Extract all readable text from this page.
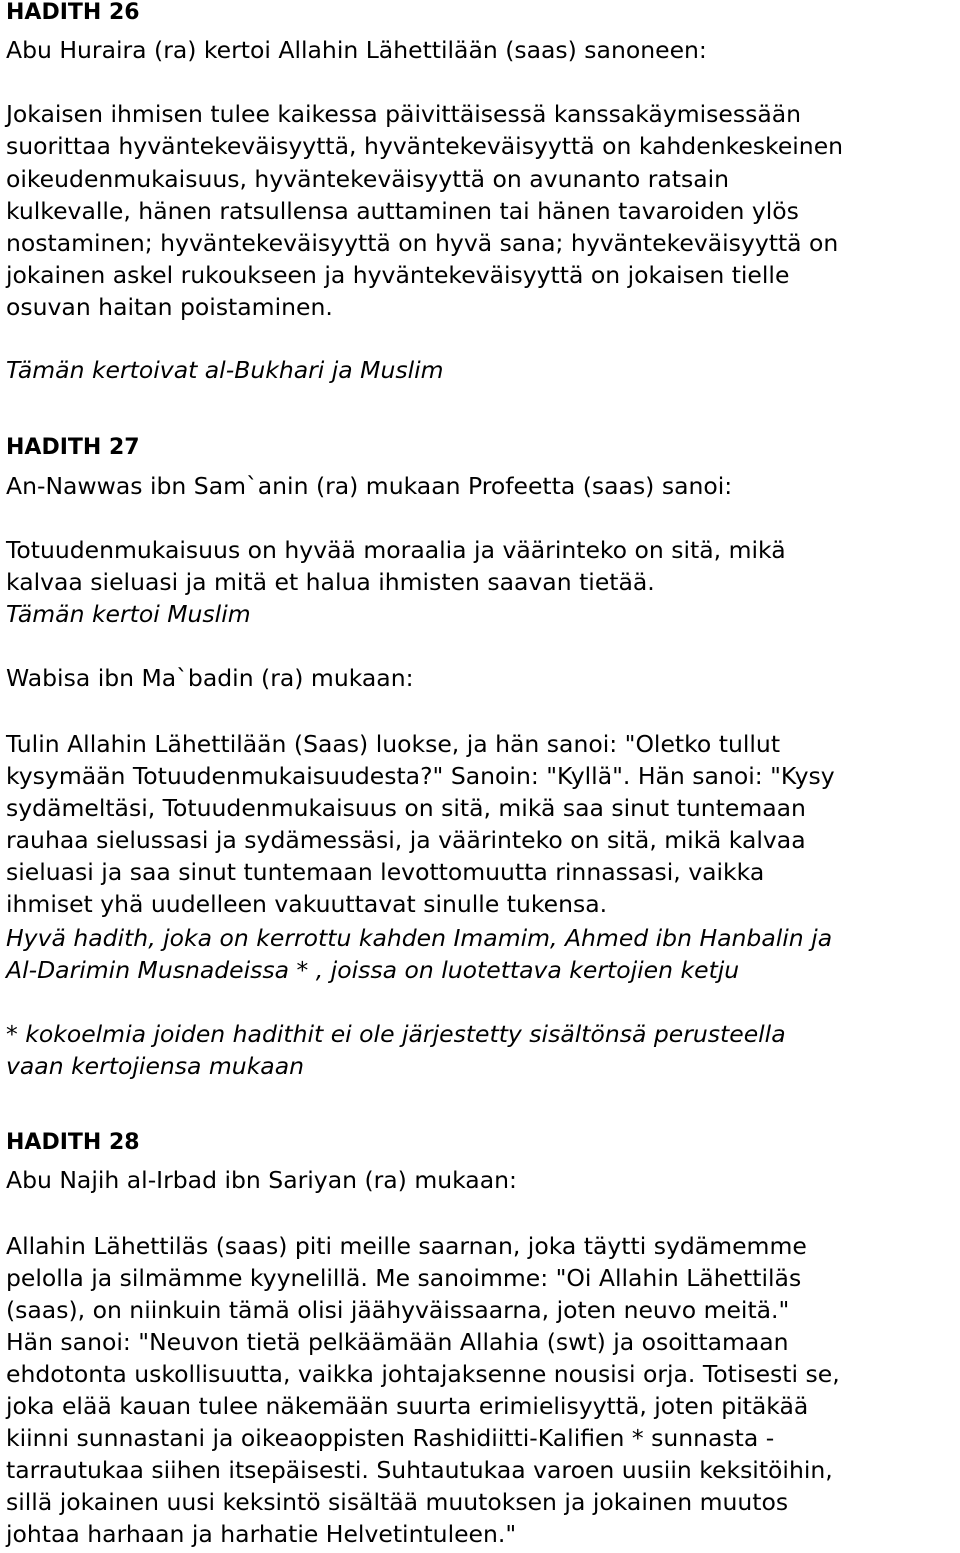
HADITH 26
Abu Huraira (ra) kertoi Allahin Lähettilään (saas) sanoneen:
Jokaisen ihmisen tulee kaikessa päivittäisessä kanssakäymisessään
suorittaa hyväntekeväisyyttä, hyväntekeväisyyttä on kahdenkeskeinen
oikeudenmukaisuus, hyväntekeväisyyttä on avunanto ratsain
kulkevalle, hänen ratsullensa auttaminen tai hänen tavaroiden ylös
nostaminen; hyväntekeväisyyttä on hyvä sana; hyväntekeväisyyttä on
jokainen askel rukoukseen ja hyväntekeväisyyttä on jokaisen tielle
osuvan haitan poistaminen.
Tämän kertoivat al-Bukhari ja Muslim
HADITH 27
An-Nawwas ibn Sam`anin (ra) mukaan Profeetta (saas) sanoi:
Totuudenmukaisuus on hyvää moraalia ja väärinteko on sitä, mikä
kalvaa sieluasi ja mitä et halua ihmisten saavan tietää.
Tämän kertoi Muslim
Wabisa ibn Ma`badin (ra) mukaan:
Tulin Allahin Lähettilään (Saas) luokse, ja hän sanoi: "Oletko tullut
kysymään Totuudenmukaisuudesta?" Sanoin: "Kyllä". Hän sanoi: "Kysy
sydämeltäsi, Totuudenmukaisuus on sitä, mikä saa sinut tuntemaan
rauhaa sielussasi ja sydämessäsi, ja väärinteko on sitä, mikä kalvaa
sieluasi ja saa sinut tuntemaan levottomuutta rinnassasi, vaikka
ihmiset yhä uudelleen vakuuttavat sinulle tukensa.
Hyvä hadith, joka on kerrottu kahden Imamim, Ahmed ibn Hanbalin ja
Al-Darimin Musnadeissa * , joissa on luotettava kertojien ketju
* kokoelmia joiden hadithit ei ole järjestetty sisältönsä perusteella
vaan kertojiensa mukaan
HADITH 28
Abu Najih al-Irbad ibn Sariyan (ra) mukaan:
Allahin Lähettiläs (saas) piti meille saarnan, joka täytti sydämemme
pelolla ja silmämme kyynelillä. Me sanoimme: "Oi Allahin Lähettiläs
(saas), on niinkuin tämä olisi jäähyväissaarna, joten neuvo meitä."
Hän sanoi: "Neuvon tietä pelkäämään Allahia (swt) ja osoittamaan
ehdotonta uskollisuutta, vaikka johtajaksenne nousisi orja. Totisesti se,
joka elää kauan tulee näkemään suurta erimielisyyttä, joten pitäkää
kiinni sunnastani ja oikeaoppisten Rashidiitti-Kalifien * sunnasta -
tarrautukaa siihen itsepäisesti. Suhtautukaa varoen uusiin keksitöihin,
sillä jokainen uusi keksintö sisältää muutoksen ja jokainen muutos
johtaa harhaan ja harhatie Helvetintuleen."
